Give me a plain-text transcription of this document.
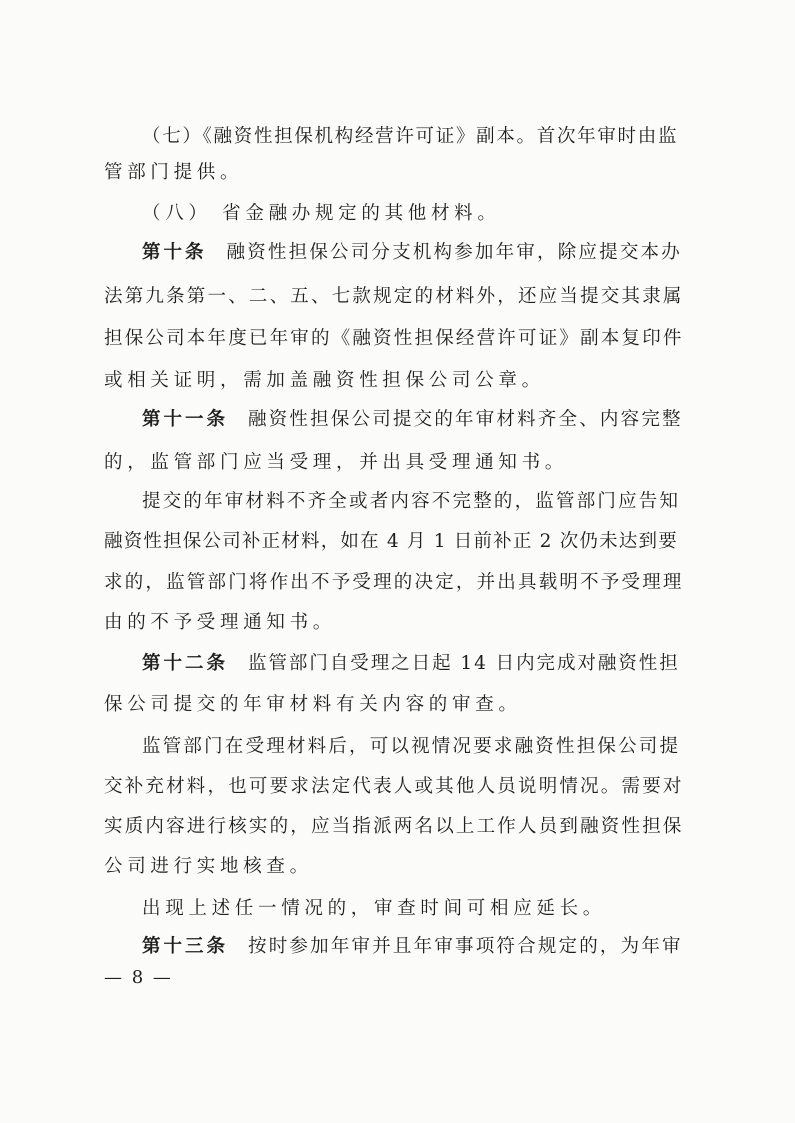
（七）《融资性担保机构经营许可证》副本。首次年审时由监
管部门提供。
（八） 省金融办规定的其他材料。
第十条 融资性担保公司分支机构参加年审，除应提交本办
法第九条第一、二、五、七款规定的材料外，还应当提交其隶属
担保公司本年度已年审的《融资性担保经营许可证》副本复印件
或相关证明，需加盖融资性担保公司公章。
第十一条 融资性担保公司提交的年审材料齐全、内容完整
的，监管部门应当受理，并出具受理通知书。
提交的年审材料不齐全或者内容不完整的，监管部门应告知
融资性担保公司补正材料，如在 4 月 1 日前补正 2 次仍未达到要
求的，监管部门将作出不予受理的决定，并出具载明不予受理理
由的不予受理通知书。
第十二条 监管部门自受理之日起 14 日内完成对融资性担
保公司提交的年审材料有关内容的审查。
监管部门在受理材料后，可以视情况要求融资性担保公司提
交补充材料，也可要求法定代表人或其他人员说明情况。需要对
实质内容进行核实的，应当指派两名以上工作人员到融资性担保
公司进行实地核查。
出现上述任一情况的，审查时间可相应延长。
第十三条 按时参加年审并且年审事项符合规定的，为年审
— 8 —
